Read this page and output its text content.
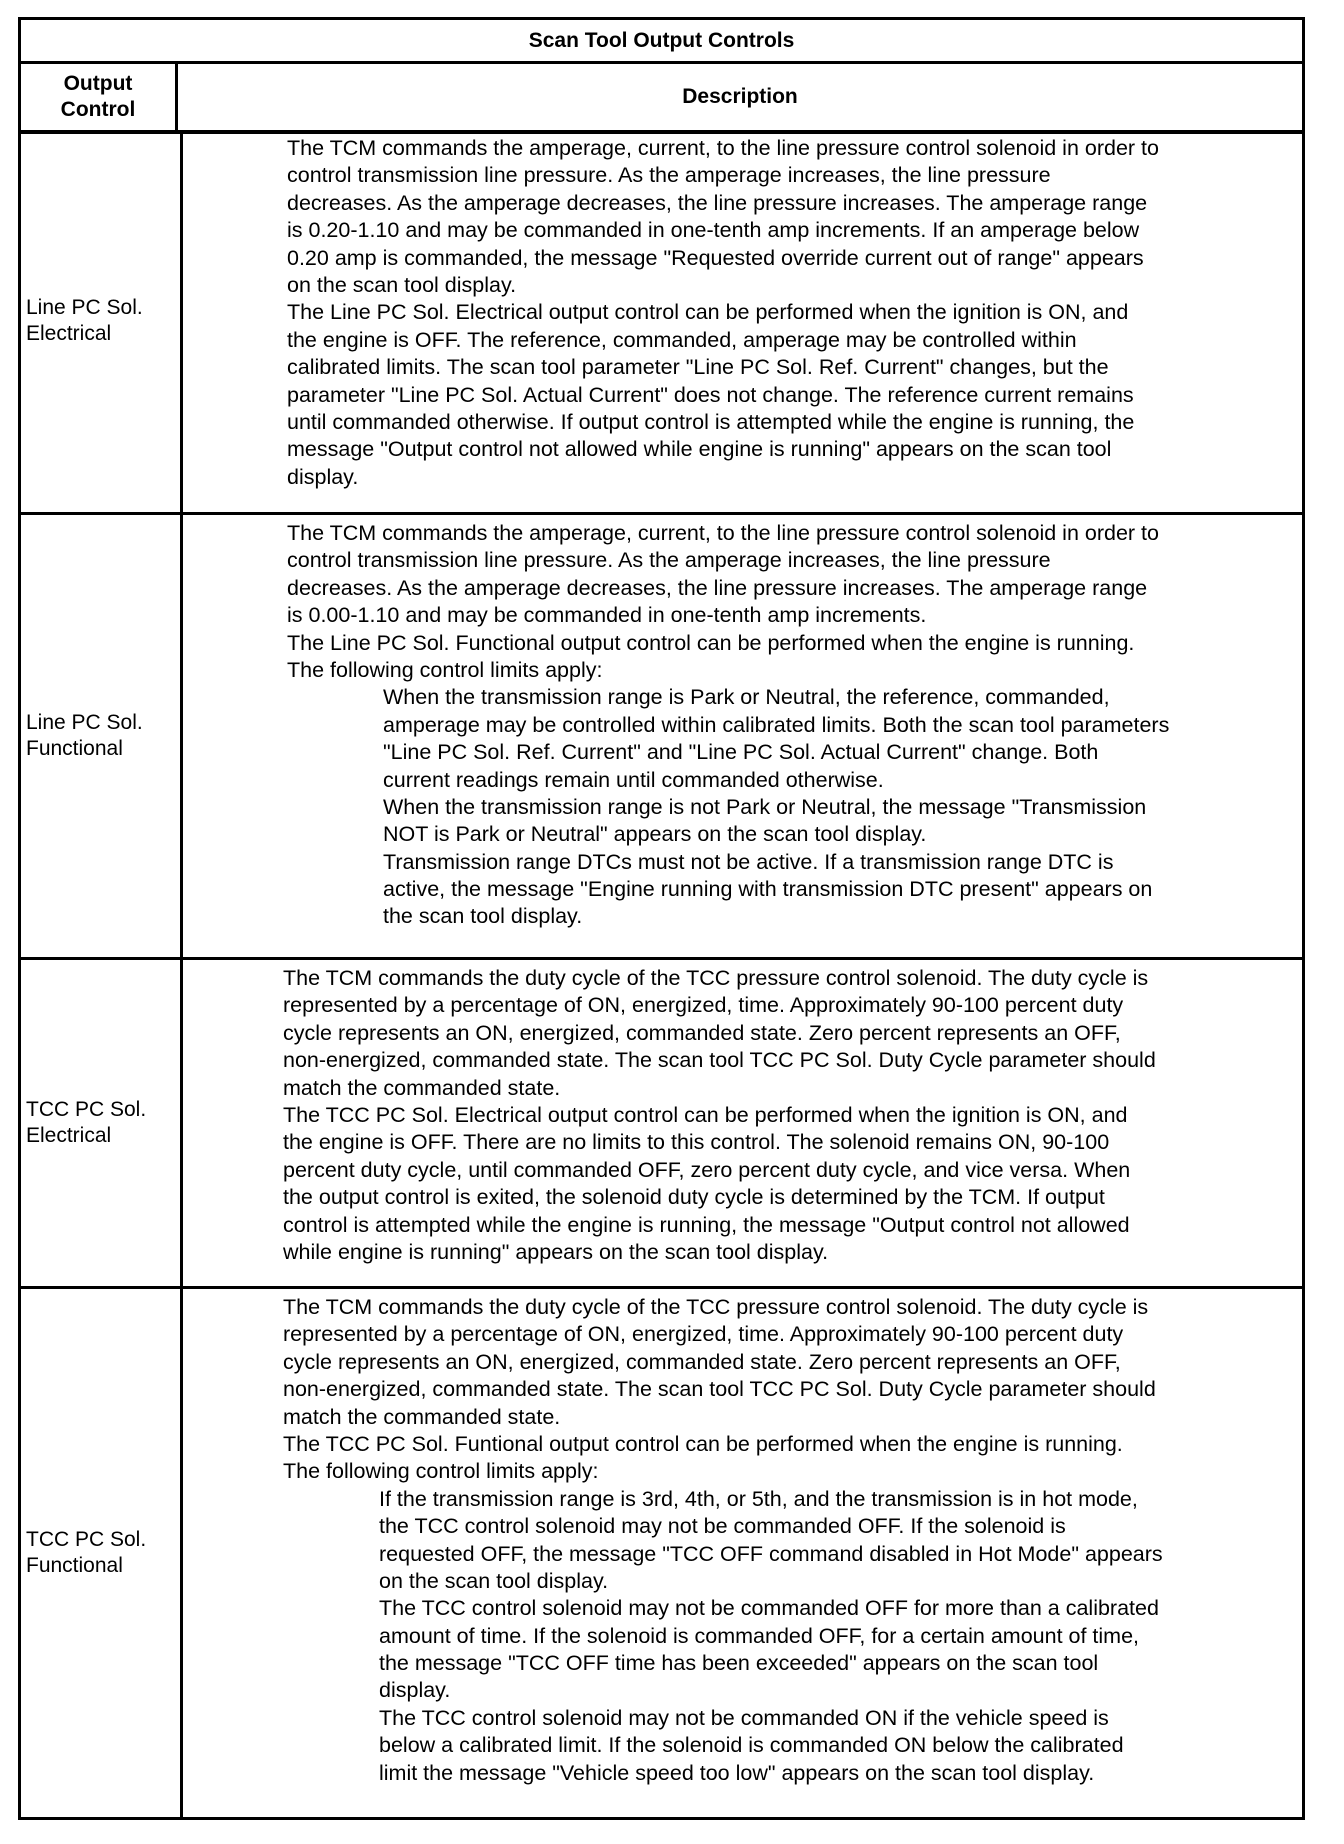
Scan Tool Output Controls
Output
Control
Description
Line PC Sol.
Electrical
The TCM commands the amperage, current, to the line pressure control solenoid in order to
control transmission line pressure. As the amperage increases, the line pressure
decreases. As the amperage decreases, the line pressure increases. The amperage range
is 0.20-1.10 and may be commanded in one-tenth amp increments. If an amperage below
0.20 amp is commanded, the message "Requested override current out of range" appears
on the scan tool display.
The Line PC Sol. Electrical output control can be performed when the ignition is ON, and
the engine is OFF. The reference, commanded, amperage may be controlled within
calibrated limits. The scan tool parameter "Line PC Sol. Ref. Current" changes, but the
parameter "Line PC Sol. Actual Current" does not change. The reference current remains
until commanded otherwise. If output control is attempted while the engine is running, the
message "Output control not allowed while engine is running" appears on the scan tool
display.
Line PC Sol.
Functional
The TCM commands the amperage, current, to the line pressure control solenoid in order to
control transmission line pressure. As the amperage increases, the line pressure
decreases. As the amperage decreases, the line pressure increases. The amperage range
is 0.00-1.10 and may be commanded in one-tenth amp increments.
The Line PC Sol. Functional output control can be performed when the engine is running.
The following control limits apply:
When the transmission range is Park or Neutral, the reference, commanded,
amperage may be controlled within calibrated limits. Both the scan tool parameters
"Line PC Sol. Ref. Current" and "Line PC Sol. Actual Current" change. Both
current readings remain until commanded otherwise.
When the transmission range is not Park or Neutral, the message "Transmission
NOT is Park or Neutral" appears on the scan tool display.
Transmission range DTCs must not be active. If a transmission range DTC is
active, the message "Engine running with transmission DTC present" appears on
the scan tool display.
TCC PC Sol.
Electrical
The TCM commands the duty cycle of the TCC pressure control solenoid. The duty cycle is
represented by a percentage of ON, energized, time. Approximately 90-100 percent duty
cycle represents an ON, energized, commanded state. Zero percent represents an OFF,
non-energized, commanded state. The scan tool TCC PC Sol. Duty Cycle parameter should
match the commanded state.
The TCC PC Sol. Electrical output control can be performed when the ignition is ON, and
the engine is OFF. There are no limits to this control. The solenoid remains ON, 90-100
percent duty cycle, until commanded OFF, zero percent duty cycle, and vice versa. When
the output control is exited, the solenoid duty cycle is determined by the TCM. If output
control is attempted while the engine is running, the message "Output control not allowed
while engine is running" appears on the scan tool display.
TCC PC Sol.
Functional
The TCM commands the duty cycle of the TCC pressure control solenoid. The duty cycle is
represented by a percentage of ON, energized, time. Approximately 90-100 percent duty
cycle represents an ON, energized, commanded state. Zero percent represents an OFF,
non-energized, commanded state. The scan tool TCC PC Sol. Duty Cycle parameter should
match the commanded state.
The TCC PC Sol. Funtional output control can be performed when the engine is running.
The following control limits apply:
If the transmission range is 3rd, 4th, or 5th, and the transmission is in hot mode,
the TCC control solenoid may not be commanded OFF. If the solenoid is
requested OFF, the message "TCC OFF command disabled in Hot Mode" appears
on the scan tool display.
The TCC control solenoid may not be commanded OFF for more than a calibrated
amount of time. If the solenoid is commanded OFF, for a certain amount of time,
the message "TCC OFF time has been exceeded" appears on the scan tool
display.
The TCC control solenoid may not be commanded ON if the vehicle speed is
below a calibrated limit. If the solenoid is commanded ON below the calibrated
limit the message "Vehicle speed too low" appears on the scan tool display.
